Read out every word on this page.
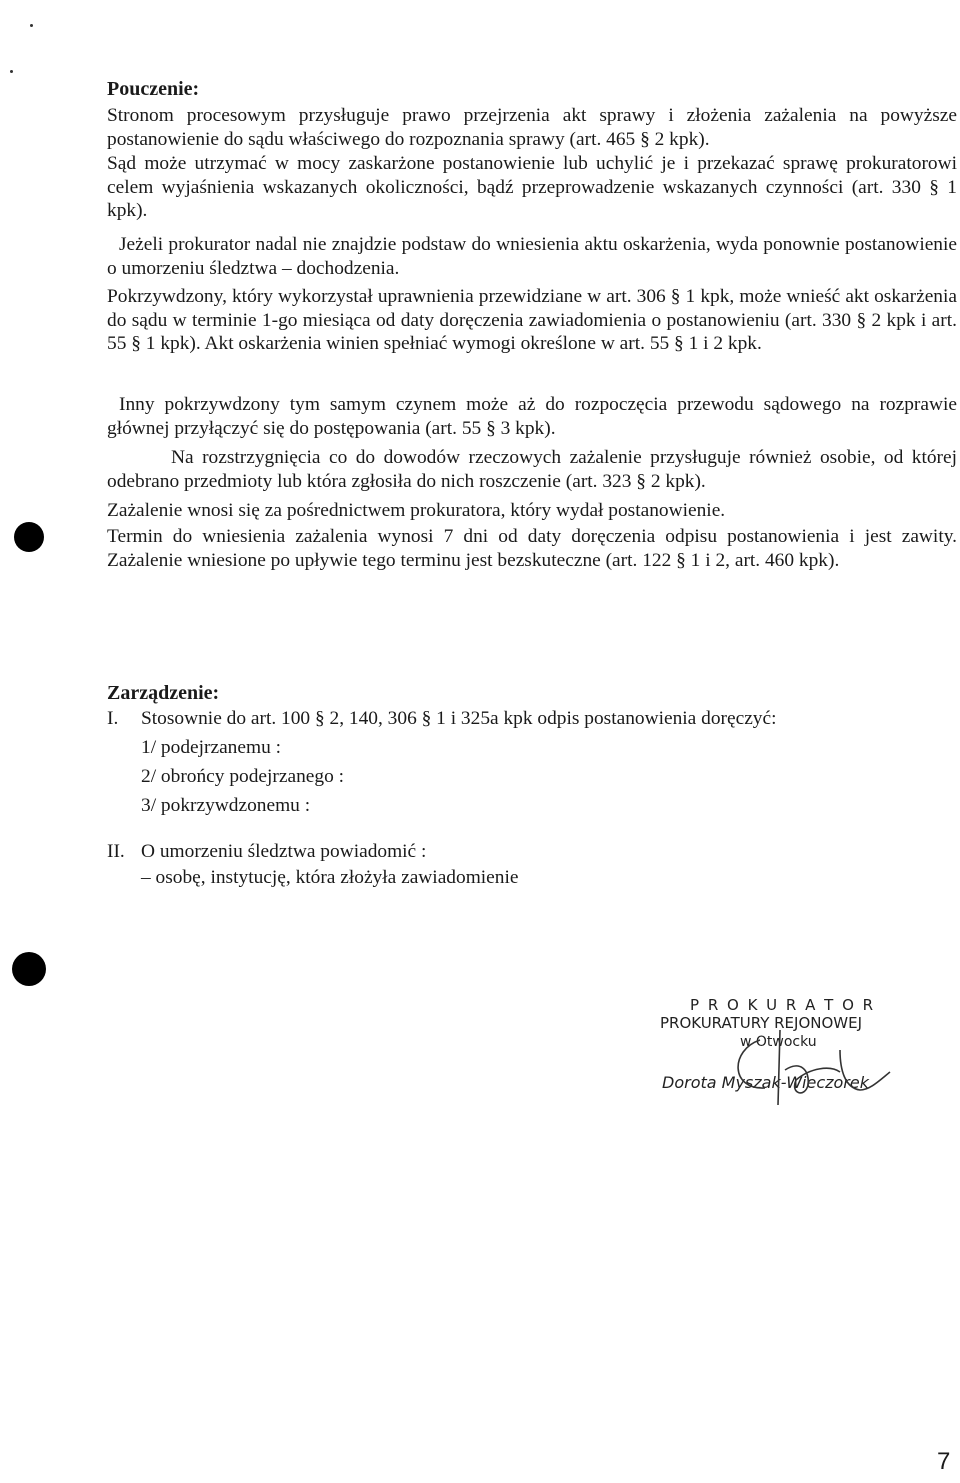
Pouczenie:
Stronom procesowym przysługuje prawo przejrzenia akt sprawy i złożenia zażalenia na powyższe postanowienie do sądu właściwego do rozpoznania sprawy (art. 465 § 2 kpk).
Sąd może utrzymać w mocy zaskarżone postanowienie lub uchylić je i przekazać sprawę prokuratorowi celem wyjaśnienia wskazanych okoliczności, bądź przeprowadzenie wskazanych czynności (art. 330 § 1 kpk).
Jeżeli prokurator nadal nie znajdzie podstaw do wniesienia aktu oskarżenia, wyda ponownie postanowienie o umorzeniu śledztwa – dochodzenia.
Pokrzywdzony, który wykorzystał uprawnienia przewidziane w art. 306 § 1 kpk, może wnieść akt oskarżenia do sądu w terminie 1-go miesiąca od daty doręczenia zawiadomienia o postanowieniu (art. 330 § 2 kpk i art. 55 § 1 kpk). Akt oskarżenia winien spełniać wymogi określone w art. 55 § 1 i 2 kpk.
Inny pokrzywdzony tym samym czynem może aż do rozpoczęcia przewodu sądowego na rozprawie głównej przyłączyć się do postępowania (art. 55 § 3 kpk).
Na rozstrzygnięcia co do dowodów rzeczowych zażalenie przysługuje również osobie, od której odebrano przedmioty lub która zgłosiła do nich roszczenie (art. 323 § 2 kpk).
Zażalenie wnosi się za pośrednictwem prokuratora, który wydał postanowienie.
Termin do wniesienia zażalenia wynosi 7 dni od daty doręczenia odpisu postanowienia i jest zawity. Zażalenie wniesione po upływie tego terminu jest bezskuteczne (art. 122 § 1 i 2, art. 460 kpk).
Zarządzenie:
I. Stosownie do art. 100 § 2, 140, 306 § 1 i 325a kpk odpis postanowienia doręczyć:
1/ podejrzanemu :
2/ obrońcy podejrzanego :
3/ pokrzywdzonemu :
II. O umorzeniu śledztwa powiadomić :
– osobę, instytucję, która złożyła zawiadomienie
P R O K U R A T O R
PROKURATURY REJONOWEJ
w Otwocku
Dorota Myszak-Wieczorek
7
